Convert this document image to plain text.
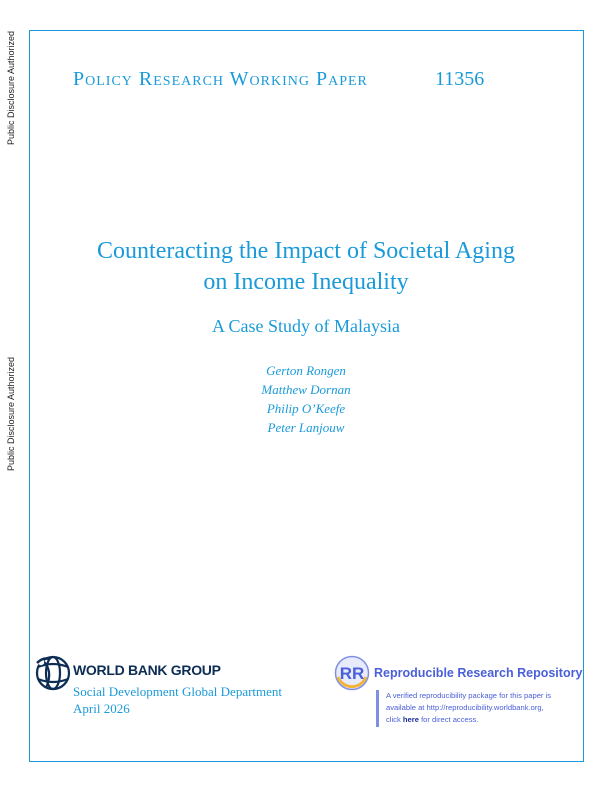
Public Disclosure Authorized
Public Disclosure Authorized
Policy Research Working Paper	11356
Counteracting the Impact of Societal Aging
on Income Inequality
A Case Study of Malaysia
Gerton Rongen
Matthew Dornan
Philip O’Keefe
Peter Lanjouw
WORLD BANK GROUP
Social Development Global Department
April 2026
RR Reproducible Research Repository
A verified reproducibility package for this paper is
available at http://reproducibility.worldbank.org,
click here for direct access.
